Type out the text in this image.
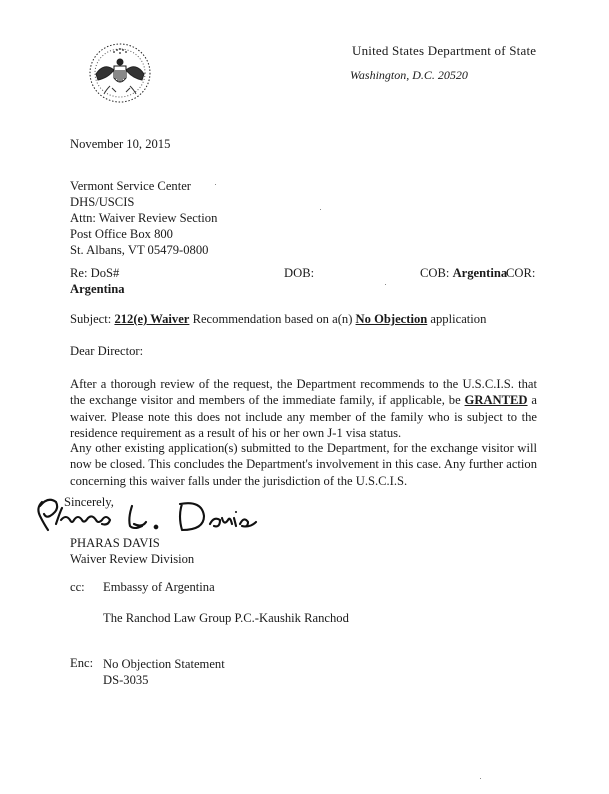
United States Department of State
Washington, D.C. 20520
November 10, 2015
Vermont Service Center
DHS/USCIS
Attn: Waiver Review Section
Post Office Box 800
St. Albans, VT 05479-0800
Re: DoS#	DOB:	COB: Argentina
COR:
Argentina
Subject: 212(e) Waiver Recommendation based on a(n) No Objection application
Dear Director:
After a thorough review of the request, the Department recommends to the U.S.C.I.S. that the exchange visitor and members of the immediate family, if applicable, be GRANTED a waiver. Please note this does not include any member of the family who is subject to the residence requirement as a result of his or her own J-1 visa status.
Any other existing application(s) submitted to the Department, for the exchange visitor will now be closed. This concludes the Department's involvement in this case. Any further action concerning this waiver falls under the jurisdiction of the U.S.C.I.S.
Sincerely,
PHARAS DAVIS
Waiver Review Division
cc: Embassy of Argentina
The Ranchod Law Group P.C.-Kaushik Ranchod
Enc: No Objection Statement
DS-3035
